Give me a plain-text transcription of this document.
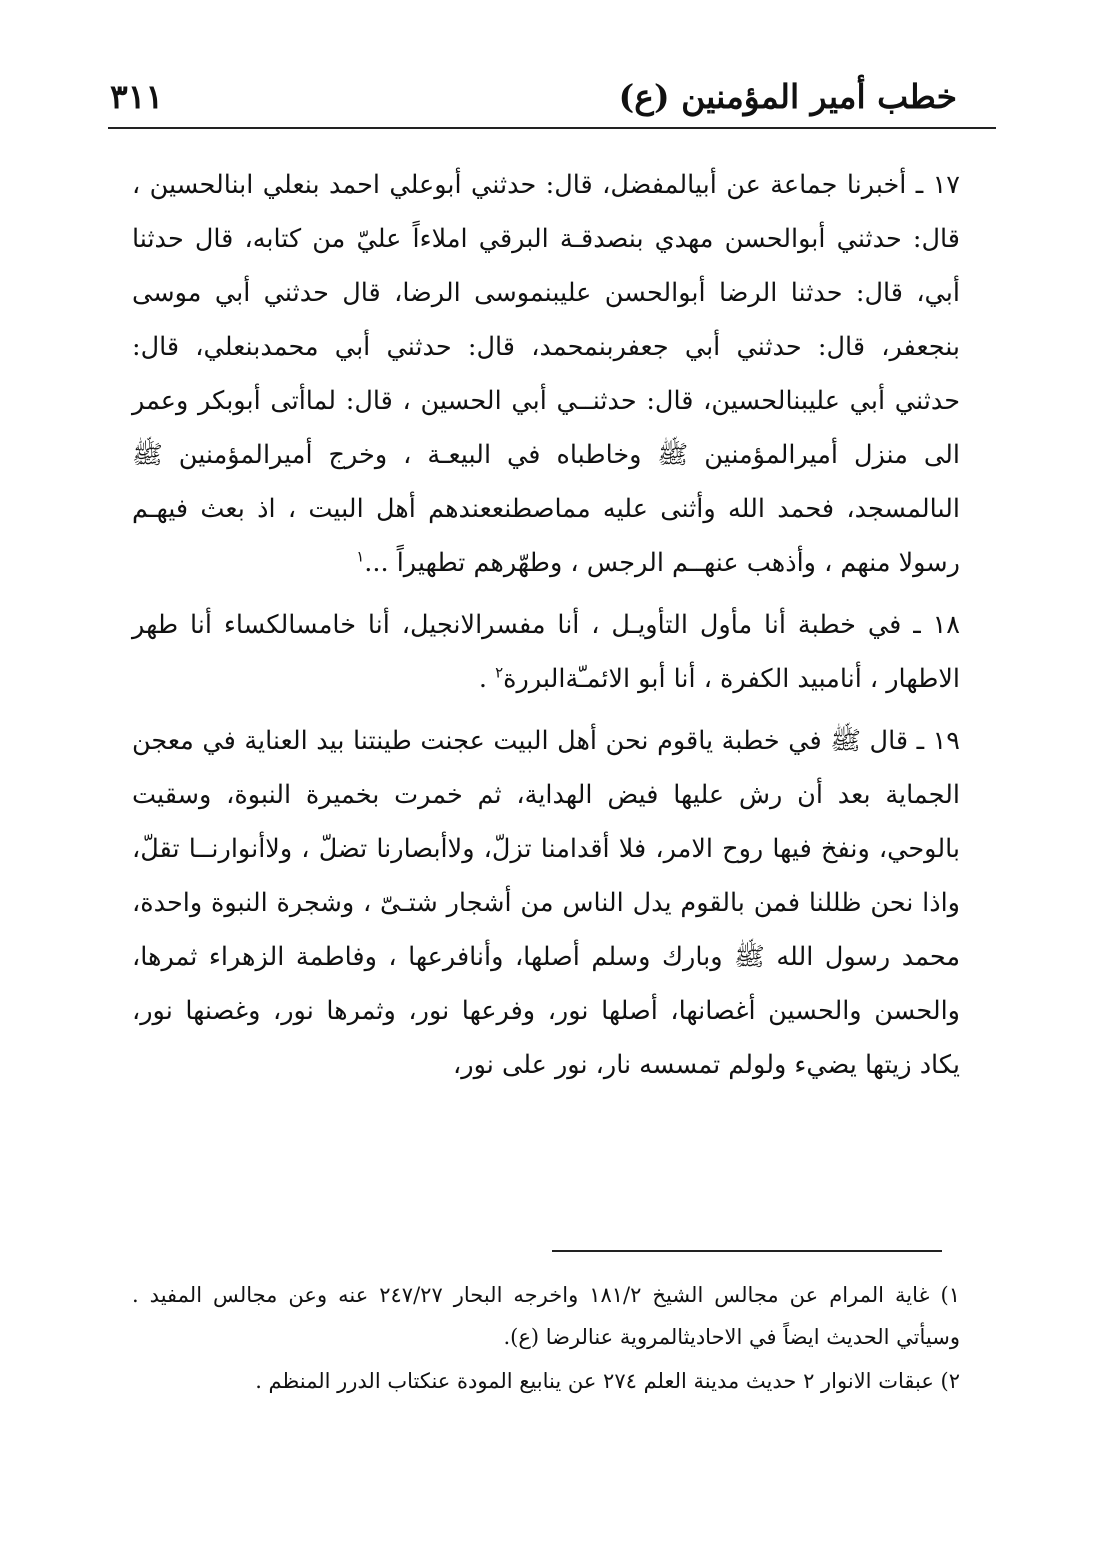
خطب أمير المؤمنين (ع)
٣١١

١٧ ـ أخبرنا جماعة عن أبيالمفضل، قال: حدثني أبوعلي احمد بنعلي ابنالحسين ، قال: حدثني أبوالحسن مهدي بنصدقـة البرقي املاءاً عليّ من كتابه، قال حدثنا أبي، قال: حدثنا الرضا أبوالحسن عليبنموسى الرضا، قال حدثني أبي موسى بنجعفر، قال: حدثني أبي جعفربنمحمد، قال: حدثني أبي محمدبنعلي، قال: حدثني أبي عليبنالحسين، قال: حدثنــي أبي الحسين ، قال: لماأتى أبوبكر وعمر الى منزل أميرالمؤمنين ﷺ وخاطباه في البيعـة ، وخرج أميرالمؤمنين ﷺ الىالمسجد، فحمد الله وأثنى عليه مماصطنععندهم أهل البيت ، اذ بعث فيهـم رسولا منهم ، وأذهب عنهــم الرجس ، وطهّرهم تطهيراً ...$^١$

١٨ ـ في خطبة أنا مأول التأويـل ، أنا مفسرالانجيل، أنا خامسالكساء أنا طهر الاطهار ، أنامبيد الكفرة ، أنا أبو الائمـّةالبررة$^٢$ .

١٩ ـ قال ﷺ في خطبة ياقوم نحن أهل البيت عجنت طينتنا بيد العناية في معجن الجماية بعد أن رش عليها فيض الهداية، ثم خمرت بخميرة النبوة، وسقيت بالوحي، ونفخ فيها روح الامر، فلا أقدامنا تزلّ، ولاأبصارنا تضلّ ، ولاأنوارنــا تقلّ، واذا نحن ظللنا فمن بالقوم يدل الناس من أشجار شتـىّ ، وشجرة النبوة واحدة، محمد رسول الله ﷺ وبارك وسلم أصلها، وأنافرعها ، وفاطمة الزهراء ثمرها، والحسن والحسين أغصانها، أصلها نور، وفرعها نور، وثمرها نور، وغصنها نور، يكاد زيتها يضيء ولولم تمسسه نار، نور على نور،

١) غاية المرام عن مجالس الشيخ ١٨١/٢ واخرجه البحار ٢٤٧/٢٧ عنه وعن مجالس المفيد . وسيأتي الحديث ايضاً في الاحاديثالمروية عنالرضا (ع).

٢) عبقات الانوار ٢ حديث مدينة العلم ٢٧٤ عن ينابيع المودة عنكتاب الدرر المنظم .
